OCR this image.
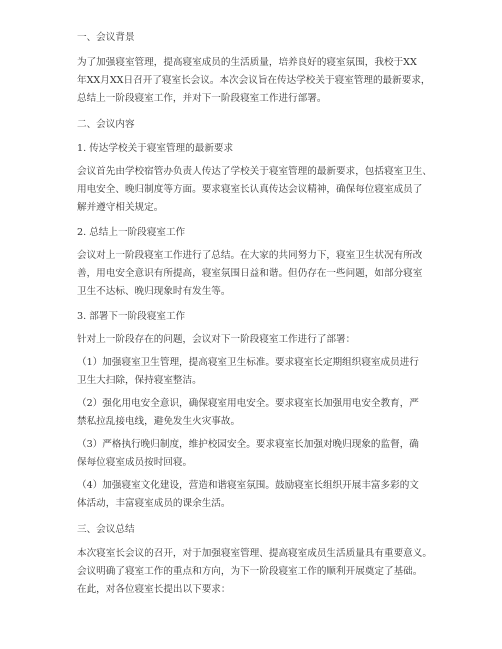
一、会议背景
为了加强寝室管理，提高寝室成员的生活质量，培养良好的寝室氛围，我校于XX
年XX月XX日召开了寝室长会议。本次会议旨在传达学校关于寝室管理的最新要求，
总结上一阶段寝室工作，并对下一阶段寝室工作进行部署。
二、会议内容
1. 传达学校关于寝室管理的最新要求
会议首先由学校宿管办负责人传达了学校关于寝室管理的最新要求，包括寝室卫生、
用电安全、晚归制度等方面。要求寝室长认真传达会议精神，确保每位寝室成员了
解并遵守相关规定。
2. 总结上一阶段寝室工作
会议对上一阶段寝室工作进行了总结。在大家的共同努力下，寝室卫生状况有所改
善，用电安全意识有所提高，寝室氛围日益和谐。但仍存在一些问题，如部分寝室
卫生不达标、晚归现象时有发生等。
3. 部署下一阶段寝室工作
针对上一阶段存在的问题，会议对下一阶段寝室工作进行了部署：
（1）加强寝室卫生管理，提高寝室卫生标准。要求寝室长定期组织寝室成员进行
卫生大扫除，保持寝室整洁。
（2）强化用电安全意识，确保寝室用电安全。要求寝室长加强用电安全教育，严
禁私拉乱接电线，避免发生火灾事故。
（3）严格执行晚归制度，维护校园安全。要求寝室长加强对晚归现象的监督，确
保每位寝室成员按时回寝。
（4）加强寝室文化建设，营造和谐寝室氛围。鼓励寝室长组织开展丰富多彩的文
体活动，丰富寝室成员的课余生活。
三、会议总结
本次寝室长会议的召开，对于加强寝室管理、提高寝室成员生活质量具有重要意义。
会议明确了寝室工作的重点和方向，为下一阶段寝室工作的顺利开展奠定了基础。
在此，对各位寝室长提出以下要求：
